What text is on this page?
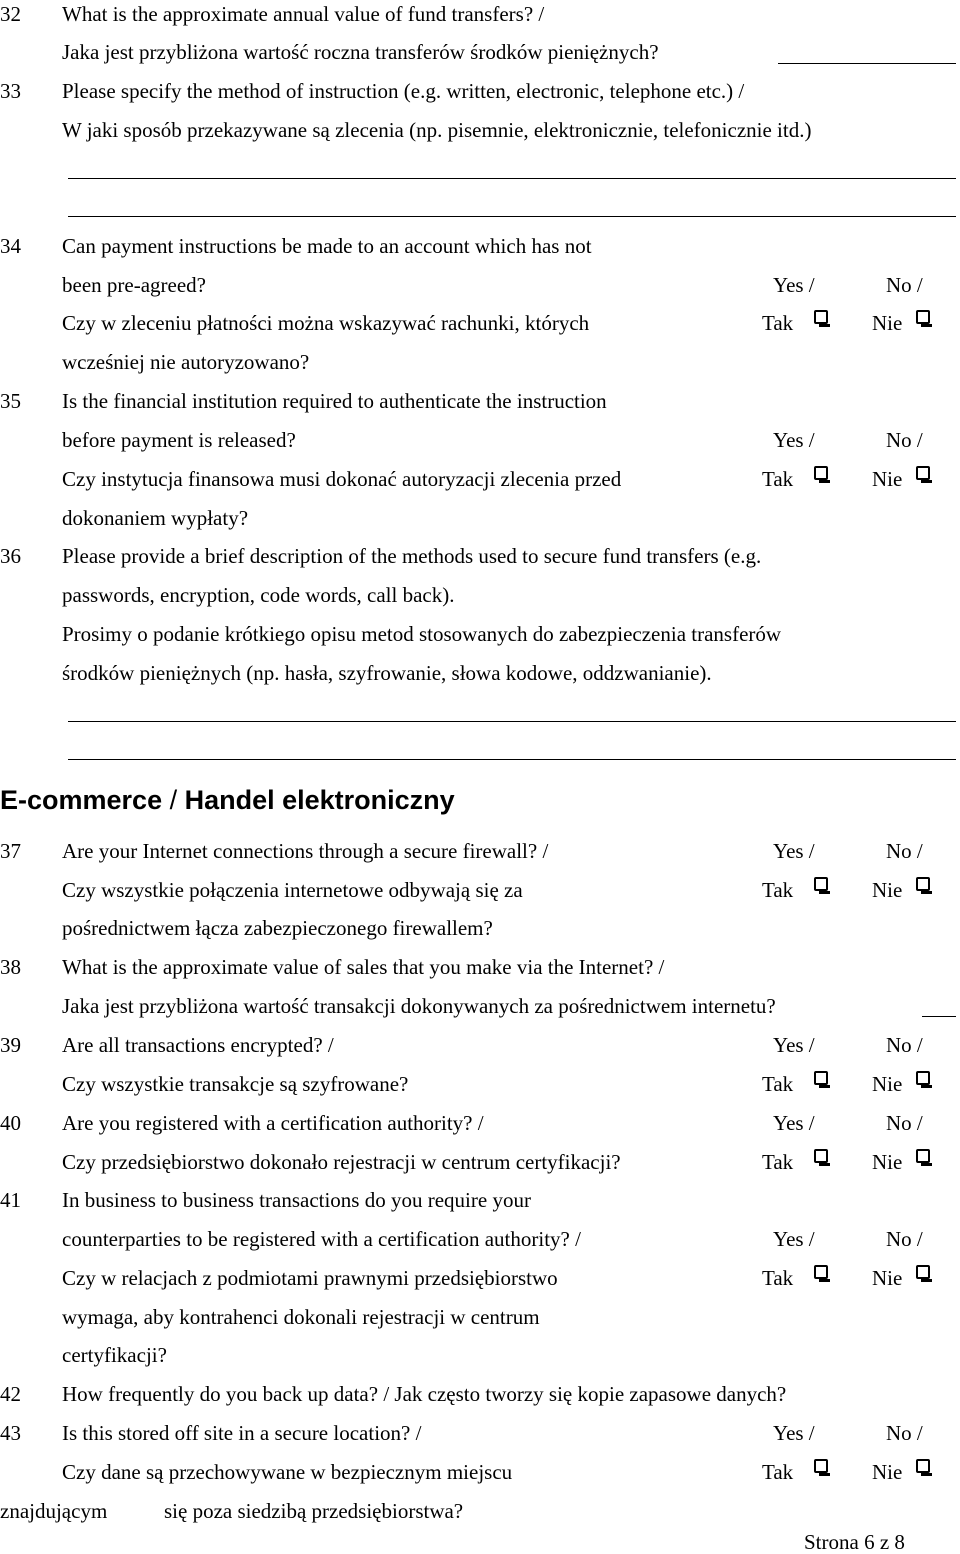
32 What is the approximate annual value of fund transfers? /
Jaka jest przybliżona wartość roczna transferów środków pieniężnych?
33 Please specify the method of instruction (e.g. written, electronic, telephone etc.) /
W jaki sposób przekazywane są zlecenia (np. pisemnie, elektronicznie, telefonicznie itd.)
34 Can payment instructions be made to an account which has not
been pre-agreed?	Yes /	No /
Czy w zleceniu płatności można wskazywać rachunki, których	Tak	Nie
wcześniej nie autoryzowano?
35 Is the financial institution required to authenticate the instruction
before payment is released?	Yes /	No /
Czy instytucja finansowa musi dokonać autoryzacji zlecenia przed	Tak	Nie
dokonaniem wypłaty?
36 Please provide a brief description of the methods used to secure fund transfers (e.g.
passwords, encryption, code words, call back).
Prosimy o podanie krótkiego opisu metod stosowanych do zabezpieczenia transferów
środków pieniężnych (np. hasła, szyfrowanie, słowa kodowe, oddzwanianie).
E-commerce / Handel elektroniczny
37 Are your Internet connections through a secure firewall? /	Yes /	No /
Czy wszystkie połączenia internetowe odbywają się za	Tak	Nie
pośrednictwem łącza zabezpieczonego firewallem?
38 What is the approximate value of sales that you make via the Internet? /
Jaka jest przybliżona wartość transakcji dokonywanych za pośrednictwem internetu?
39 Are all transactions encrypted? /	Yes /	No /
Czy wszystkie transakcje są szyfrowane?	Tak	Nie
40 Are you registered with a certification authority? /	Yes /	No /
Czy przedsiębiorstwo dokonało rejestracji w centrum certyfikacji?	Tak	Nie
41 In business to business transactions do you require your
counterparties to be registered with a certification authority? /	Yes /	No /
Czy w relacjach z podmiotami prawnymi przedsiębiorstwo	Tak	Nie
wymaga, aby kontrahenci dokonali rejestracji w centrum
certyfikacji?
42 How frequently do you back up data? / Jak często tworzy się kopie zapasowe danych?
43 Is this stored off site in a secure location? /	Yes /	No /
Czy dane są przechowywane w bezpiecznym miejscu	Tak	Nie
znajdującym	się poza siedzibą przedsiębiorstwa?
Strona 6 z 8
